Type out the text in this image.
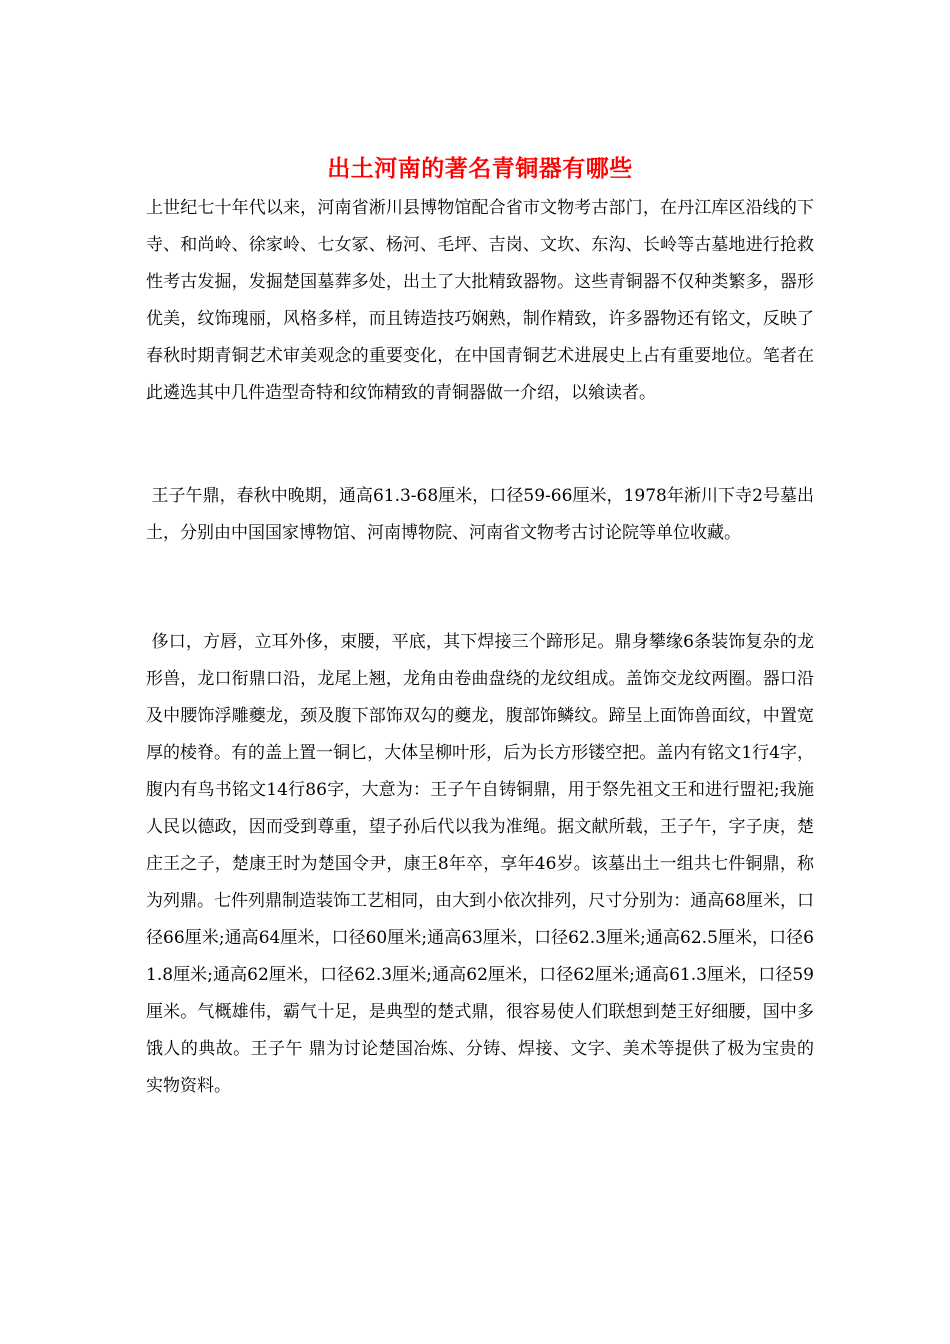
出土河南的著名青铜器有哪些

上世纪七十年代以来，河南省淅川县博物馆配合省市文物考古部门，在丹江库区沿线的下寺、和尚岭、徐家岭、七女冢、杨河、毛坪、吉岗、文坎、东沟、长岭等古墓地进行抢救性考古发掘，发掘楚国墓葬多处，出土了大批精致器物。这些青铜器不仅种类繁多，器形优美，纹饰瑰丽，风格多样，而且铸造技巧娴熟，制作精致，许多器物还有铭文，反映了春秋时期青铜艺术审美观念的重要变化，在中国青铜艺术进展史上占有重要地位。笔者在此遴选其中几件造型奇特和纹饰精致的青铜器做一介绍，以飨读者。

王子午鼎，春秋中晚期，通高61.3-68厘米，口径59-66厘米，1978年淅川下寺2号墓出土，分别由中国国家博物馆、河南博物院、河南省文物考古讨论院等单位收藏。

侈口，方唇，立耳外侈，束腰，平底，其下焊接三个蹄形足。鼎身攀缘6条装饰复杂的龙形兽，龙口衔鼎口沿，龙尾上翘，龙角由卷曲盘绕的龙纹组成。盖饰交龙纹两圈。器口沿及中腰饰浮雕夔龙，颈及腹下部饰双勾的夔龙，腹部饰鳞纹。蹄呈上面饰兽面纹，中置宽厚的棱脊。有的盖上置一铜匕，大体呈柳叶形，后为长方形镂空把。盖内有铭文1行4字，腹内有鸟书铭文14行86字，大意为：王子午自铸铜鼎，用于祭先祖文王和进行盟祀;我施人民以德政，因而受到尊重，望子孙后代以我为准绳。据文献所载，王子午，字子庚，楚庄王之子，楚康王时为楚国令尹，康王8年卒，享年46岁。该墓出土一组共七件铜鼎，称为列鼎。七件列鼎制造装饰工艺相同，由大到小依次排列，尺寸分别为：通高68厘米，口径66厘米;通高64厘米，口径60厘米;通高63厘米，口径62.3厘米;通高62.5厘米，口径61.8厘米;通高62厘米，口径62.3厘米;通高62厘米，口径62厘米;通高61.3厘米，口径59厘米。气概雄伟，霸气十足，是典型的楚式鼎，很容易使人们联想到楚王好细腰，国中多饿人的典故。王子午 鼎为讨论楚国冶炼、分铸、焊接、文字、美术等提供了极为宝贵的实物资料。
